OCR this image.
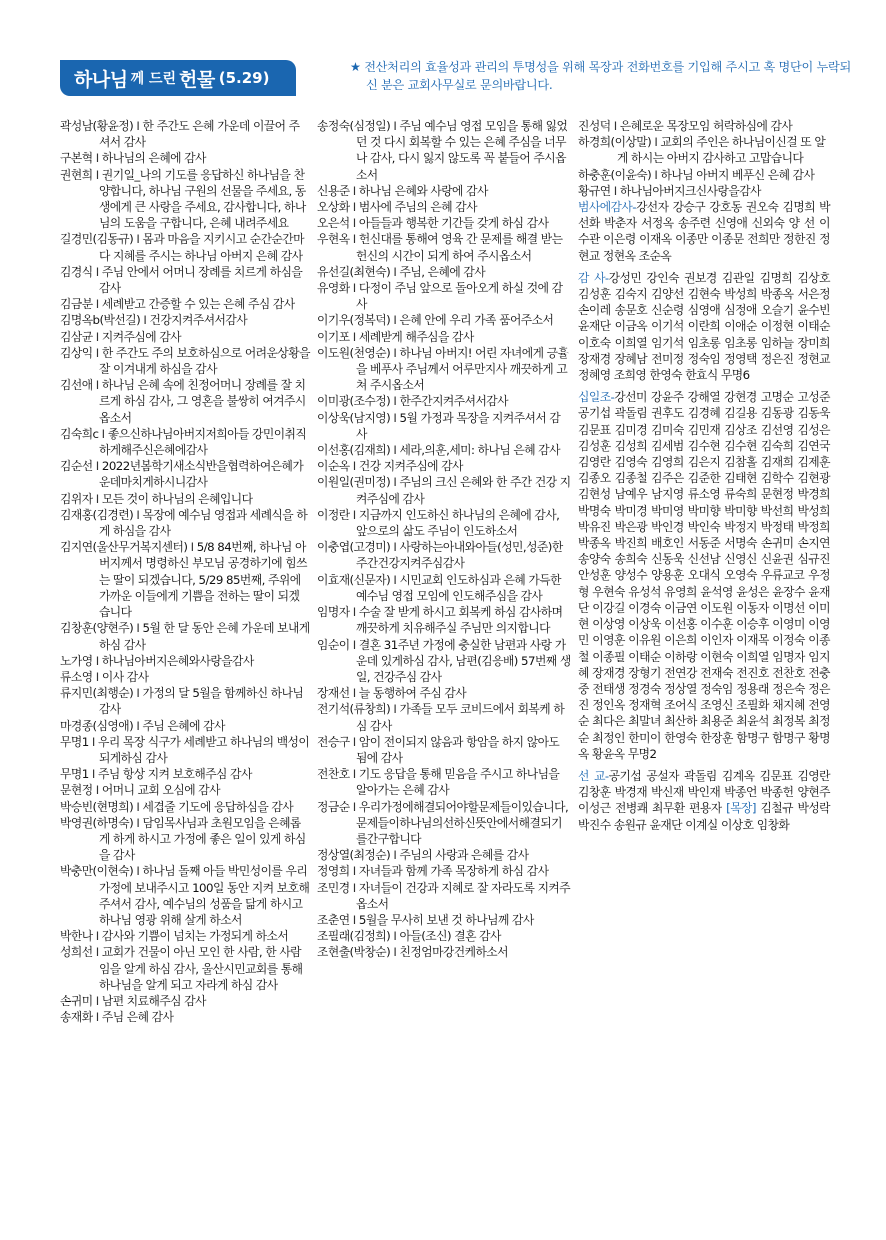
하나님 께 드린 헌물 (5.29)
★ 전산처리의 효율성과 관리의 투명성을 위해 목장과 전화번호를 기입해 주시고 혹 명단이 누락되신 분은 교회사무실로 문의바랍니다.
곽성남(황윤정) I 한 주간도 은혜 가운데 이끌어 주셔서 감사
구본혁 I 하나님의 은혜에 감사
권현희 I 권기일_나의 기도를 응답하신 하나님을 찬양합니다, 하나님 구원의 선물을 주세요, 동생에게 큰 사랑을 주세요, 감사합니다, 하나님의 도움을 구합니다, 은혜 내려주세요
길경민(김동규) I 몸과 마음을 지키시고 순간순간마다 지혜를 주시는 하나님 아버지 은혜 감사
김경식 I 주님 안에서 어머니 장례를 치르게 하심을 감사
김금분 I 세례받고 간증할 수 있는 은혜 주심 감사
김명옥b(박선길) I 건강지켜주셔서감사
김삼균 I 지켜주심에 감사
김상익 I 한 주간도 주의 보호하심으로 어려운상황을 잘 이겨내게 하심을 감사
김선애 I 하나님 은혜 속에 친정어머니 장례를 잘 치르게 하심 감사, 그 영혼을 불쌍히 여겨주시옵소서
김숙희c I 좋으신하나님아버지저희아들 강민이취직하게해주신은혜에감사
김순선 I 2022년봄학기새소식반을협력하여은혜가운데마치게하시니감사
김위자 I 모든 것이 하나님의 은혜입니다
김재홍(김경련) I 목장에 예수님 영접과 세례식을 하게 하심을 감사
김지연(울산무거복지센터) I 5/8 84번째, 하나님 아버지께서 명령하신 부모님 공경하기에 힘쓰는 딸이 되겠습니다, 5/29 85번째, 주위에 가까운 이들에게 기쁨을 전하는 딸이 되겠습니다
김창훈(양현주) I 5월 한 달 동안 은혜 가운데 보내게 하심 감사
노가영 I 하나님아버지은혜와사랑을감사
류소영 I 이사 감사
류지민(최행순) I 가정의 달 5월을 함께하신 하나님 감사
마경종(심영애) I 주님 은혜에 감사
무명1 I 우리 목장 식구가 세례받고 하나님의 백성이 되게하심 감사
무명1 I 주님 항상 지켜 보호해주심 감사
문현정 I 어머니 교회 오심에 감사
박승빈(현명희) I 세겹줄 기도에 응답하심을 감사
박영권(하명숙) I 담임목사님과 초원모임을 은혜롭게 하게 하시고 가정에 좋은 일이 있게 하심을 감사
박충만(이현숙) I 하나님 돌째 아들 박민성이를 우리 가정에 보내주시고 100일 동안 지켜 보호해 주셔서 감사, 예수님의 성품을 닮게 하시고 하나님 영광 위해 살게 하소서
박한나 I 감사와 기쁨이 넘치는 가정되게 하소서
성희선 I 교회가 건물이 아닌 모인 한 사람, 한 사람임을 알게 하심 감사, 울산시민교회를 통해 하나님을 알게 되고 자라게 하심 감사
손귀미 I 남편 치료해주심 감사
송재화 I 주님 은혜 감사
송정숙(심정일) I 주님 예수님 영접 모임을 통해 잃었던 것 다시 회복할 수 있는 은혜 주심을 너무나 감사, 다시 잃지 않도록 꼭 붙들어 주시옵소서
신용준 I 하나님 은혜와 사랑에 감사
오상화 I 범사에 주님의 은혜 감사
오은석 I 아들들과 행복한 기간들 갖게 하심 감사
우현옥 I 헌신대를 통해여 영육 간 문제를 해결 받는 헌신의 시간이 되게 하여 주시옵소서
유선길(최현숙) I 주님, 은혜에 감사
유영화 I 다정이 주님 앞으로 돌아오게 하실 것에 감사
이기우(정복덕) I 은혜 안에 우리 가족 품어주소서
이기포 I 세례받게 해주심을 감사
이도원(천영순) I 하나님 아버지! 어린 자녀에게 긍휼을 베푸사 주님께서 어루만지사 깨끗하게 고쳐 주시옵소서
이미광(조수정) I 한주간지켜주셔서감사
이상욱(남지영) I 5월 가정과 목장을 지켜주셔서 감사
이선홍(김재희) I 세라,의훈,세미: 하나님 은혜 감사
이순옥 I 건강 지켜주심에 감사
이원일(권미정) I 주님의 크신 은혜와 한 주간 건강 지켜주심에 감사
이정란 I 지금까지 인도하신 하나님의 은혜에 감사, 앞으로의 삶도 주님이 인도하소서
이충엽(고경미) I 사랑하는아내와아들(성민,성준)한주간건강지켜주심감사
이효재(신문자) I 시민교회 인도하심과 은혜 가득한 예수님 영접 모임에 인도해주심을 감사
임명자 I 수술 잘 받게 하시고 회복케 하심 감사하며 깨끗하게 치유해주실 주님만 의지합니다
임순이 I 결혼 31주년 가정에 충실한 남편과 사랑 가운데 있게하심 감사, 남편(김응배) 57번째 생일, 건강주심 감사
장재선 I 늘 동행하여 주심 감사
전기석(류창희) I 가족들 모두 코비드에서 회복케 하심 감사
전승구 I 암이 전이되지 않음과 항암을 하지 않아도 됨에 감사
전찬호 I 기도 응답을 통해 믿음을 주시고 하나님을 알아가는 은혜 감사
정금순 I 우리가정에해결되어야할문제들이있습니다,문제들이하나님의선하신뜻안에서해결되기를간구합니다
정상열(최정순) I 주님의 사랑과 은혜를 감사
정영희 I 자녀들과 함께 가족 목장하게 하심 감사
조민경 I 자녀들이 건강과 지혜로 잘 자라도록 지켜주옵소서
조춘연 I 5월을 무사히 보낸 것 하나님께 감사
조필래(김정희) I 아들(조신) 결혼 감사
조현출(박창순) I 친정엄마강건케하소서
진성덕 I 은혜로운 목장모임 허락하심에 감사
하경희(이상말) I 교회의 주인은 하나님이신걸 또 알게 하시는 아버지 감사하고 고맙습니다
하충훈(이윤숙) I 하나님 아버지 베푸신 은혜 감사
황규연 I 하나님아버지크신사랑을감사
범사에감사-강선자 강승구 강호동 권오숙 김명희 박선화 박춘자 서정옥 송주련 신영애 신외숙 양 선 이수관 이은령 이재옥 이종만 이종문 전희만 정한진 정현교 정현옥 조순옥
감 사-강성민 강인숙 권보경 김관일 김명희 김상호 김성훈 김숙지 김양선 김현숙 박성희 박종옥 서은정 손이레 송문호 신순령 심영애 심정애 오슬기 윤수빈 윤재단 이금옥 이기석 이란희 이애순 이정현 이태순 이호숙 이희열 임기석 임초롱 임초롱 임하늘 장미희 장재경 장혜남 전미정 정숙임 정영택 정은진 정현교 정혜영 조희영 한영숙 한효식 무명6
십일조-강선미 강윤주 강해열 강현경 고명순 고성준 공기섭 곽돌림 권후도 김경혜 김길용 김동광 김동욱 김문표 김미경 김미숙 김민재 김상조 김선영 김성은 김성훈 김성희 김세범 김수현 김수현 김숙희 김연국 김영란 김영숙 김영희 김은지 김참홀 김재희 김제훈 김종오 김종철 김주은 김준한 김태현 김학수 김현광 김현성 남예우 남지영 류소영 류숙희 문현정 박경희 박명숙 박미경 박미영 박미향 박미향 박선희 박성희 박유진 박은광 박인경 박인숙 박정지 박정태 박정희 박종옥 박진희 배호인 서동준 서명숙 손귀미 손지연 송양숙 송희숙 신동욱 신선남 신영신 신윤권 심규진 안성훈 양성수 양용훈 오대식 오영숙 우류교코 우정형 우현숙 유성석 유영희 윤석영 윤성은 윤장수 윤재단 이강길 이경숙 이금연 이도원 이동자 이명선 이미현 이상영 이상욱 이선홍 이수훈 이승후 이영미 이영민 이영훈 이유원 이은희 이인자 이재목 이정숙 이종철 이종필 이태순 이하랑 이현숙 이희열 임명자 임지혜 장재경 장형기 전연강 전재숙 전진호 전찬호 전충중 전태생 정경숙 정상열 정숙임 정용래 정은숙 정은진 정인옥 정재혁 조어식 조영신 조필화 채지혜 전영순 최다은 최말녀 최산하 최용준 최윤석 최정복 최정순 최정인 한미이 한영숙 한장훈 함명구 함명구 황명옥 황윤옥 무명2
선 교-공기섭 공설자 곽돌림 김계옥 김문표 김영란 김창훈 박경재 박신재 박인재 박종언 박종헌 양현주 이성근 전병쾌 최무환 편용자 [목장] 김철규 박성락 박진수 송원규 윤재단 이계실 이상호 임창화
